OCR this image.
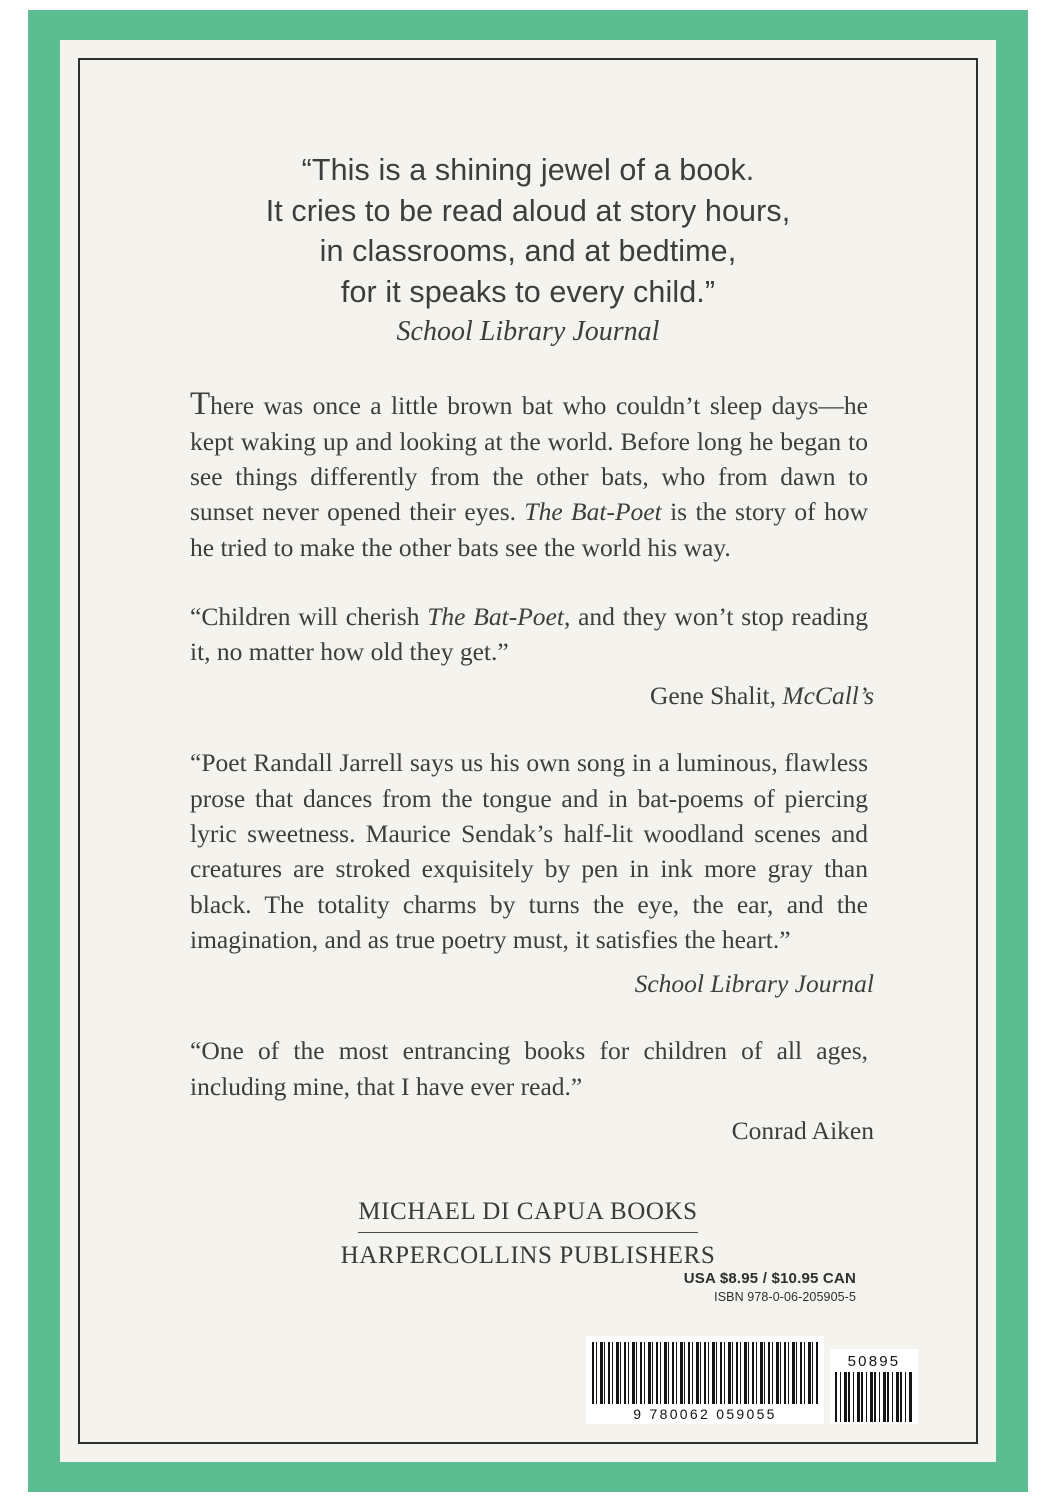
“This is a shining jewel of a book.
It cries to be read aloud at story hours,
in classrooms, and at bedtime,
for it speaks to every child.”
School Library Journal
There was once a little brown bat who couldn’t sleep days—he kept waking up and looking at the world. Before long he began to see things differently from the other bats, who from dawn to sunset never opened their eyes. The Bat-Poet is the story of how he tried to make the other bats see the world his way.
“Children will cherish The Bat-Poet, and they won’t stop reading it, no matter how old they get.”
Gene Shalit, McCall’s
“Poet Randall Jarrell says us his own song in a luminous, flawless prose that dances from the tongue and in bat-poems of piercing lyric sweetness. Maurice Sendak’s half-lit woodland scenes and creatures are stroked exquisitely by pen in ink more gray than black. The totality charms by turns the eye, the ear, and the imagination, and as true poetry must, it satisfies the heart.”
School Library Journal
“One of the most entrancing books for children of all ages, including mine, that I have ever read.”
Conrad Aiken
MICHAEL DI CAPUA BOOKS
HARPERCOLLINS PUBLISHERS
USA $8.95 / $10.95 CAN
ISBN 978-0-06-205905-5
9 780062 059055
50895
